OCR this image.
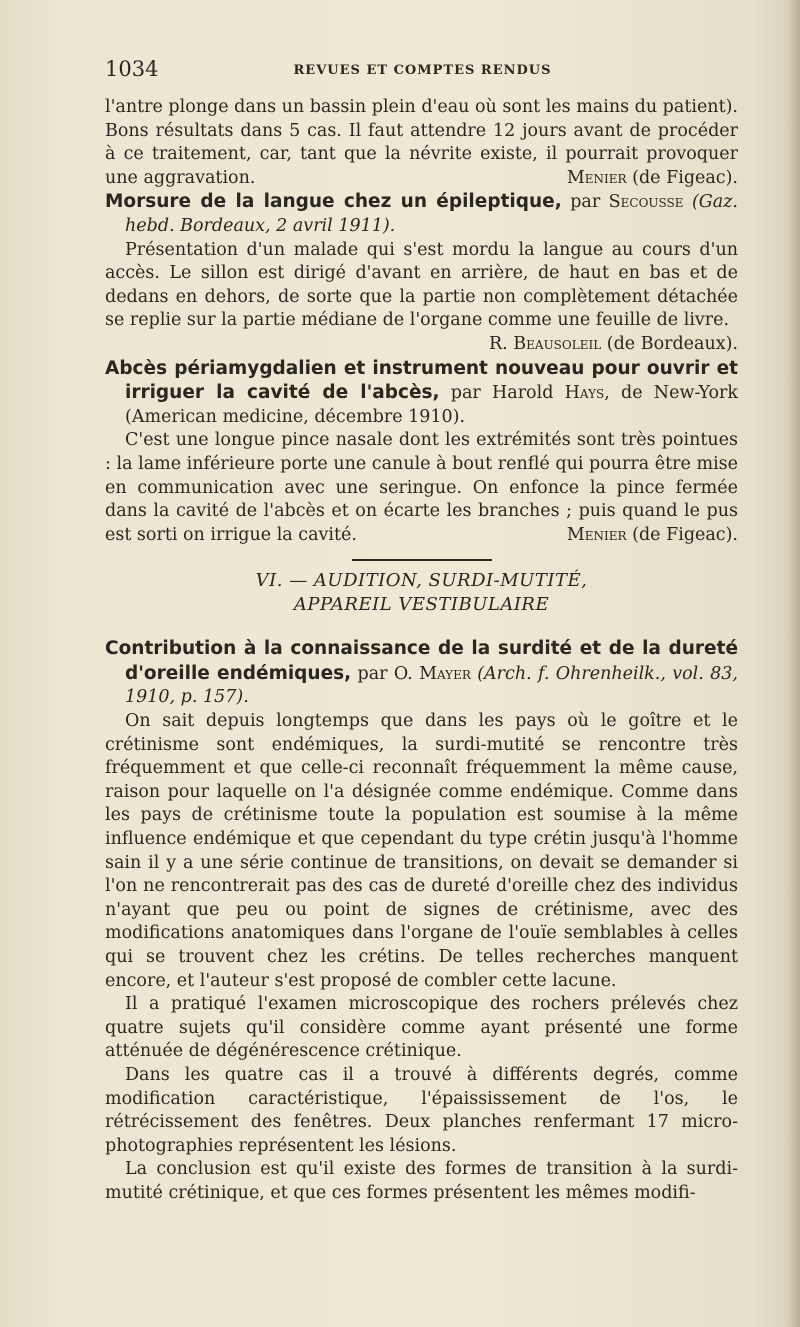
1034	REVUES ET COMPTES RENDUS

l'antre plonge dans un bassin plein d'eau où sont les mains du patient). Bons résultats dans 5 cas. Il faut attendre 12 jours avant de procéder à ce traitement, car, tant que la névrite existe, il pourrait provoquer une aggravation.	Menier (de Figeac).

Morsure de la langue chez un épileptique, par Secousse (Gaz. hebd. Bordeaux, 2 avril 1911).

Présentation d'un malade qui s'est mordu la langue au cours d'un accès. Le sillon est dirigé d'avant en arrière, de haut en bas et de dedans en dehors, de sorte que la partie non complètement détachée se replie sur la partie médiane de l'organe comme une feuille de livre.
R. Beausoleil (de Bordeaux).

Abcès périamygdalien et instrument nouveau pour ouvrir et irriguer la cavité de l'abcès, par Harold Hays, de New-York (American medicine, décembre 1910).

C'est une longue pince nasale dont les extrémités sont très pointues : la lame inférieure porte une canule à bout renflé qui pourra être mise en communication avec une seringue. On enfonce la pince fermée dans la cavité de l'abcès et on écarte les branches ; puis quand le pus est sorti on irrigue la cavité.	Menier (de Figeac).

VI. — AUDITION, SURDI-MUTITÉ,
APPAREIL VESTIBULAIRE

Contribution à la connaissance de la surdité et de la dureté d'oreille endémiques, par O. Mayer (Arch. f. Ohrenheilk., vol. 83, 1910, p. 157).

On sait depuis longtemps que dans les pays où le goître et le crétinisme sont endémiques, la surdi-mutité se rencontre très fréquemment et que celle-ci reconnaît fréquemment la même cause, raison pour laquelle on l'a désignée comme endémique. Comme dans les pays de crétinisme toute la population est soumise à la même influence endémique et que cependant du type crétin jusqu'à l'homme sain il y a une série continue de transitions, on devait se demander si l'on ne rencontrerait pas des cas de dureté d'oreille chez des individus n'ayant que peu ou point de signes de crétinisme, avec des modifications anatomiques dans l'organe de l'ouïe semblables à celles qui se trouvent chez les crétins. De telles recherches manquent encore, et l'auteur s'est proposé de combler cette lacune.

Il a pratiqué l'examen microscopique des rochers prélevés chez quatre sujets qu'il considère comme ayant présenté une forme atténuée de dégénérescence crétinique.

Dans les quatre cas il a trouvé à différents degrés, comme modification caractéristique, l'épaississement de l'os, le rétrécissement des fenêtres. Deux planches renfermant 17 micro-photographies représentent les lésions.

La conclusion est qu'il existe des formes de transition à la surdi-mutité crétinique, et que ces formes présentent les mêmes modifi-
